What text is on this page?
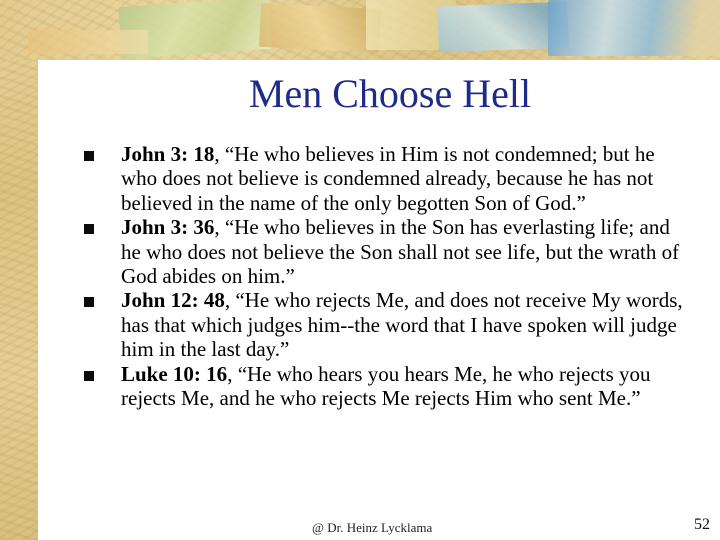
Men Choose Hell
John 3: 18, “He who believes in Him is not condemned; but he who does not believe is condemned already, because he has not believed in the name of the only begotten Son of God.”
John 3: 36, “He who believes in the Son has everlasting life; and he who does not believe the Son shall not see life, but the wrath of God abides on him.”
John 12: 48, “He who rejects Me, and does not receive My words, has that which judges him--the word that I have spoken will judge him in the last day.”
Luke 10: 16, “He who hears you hears Me, he who rejects you rejects Me, and he who rejects Me rejects Him who sent Me.”
@ Dr. Heinz Lycklama	52
